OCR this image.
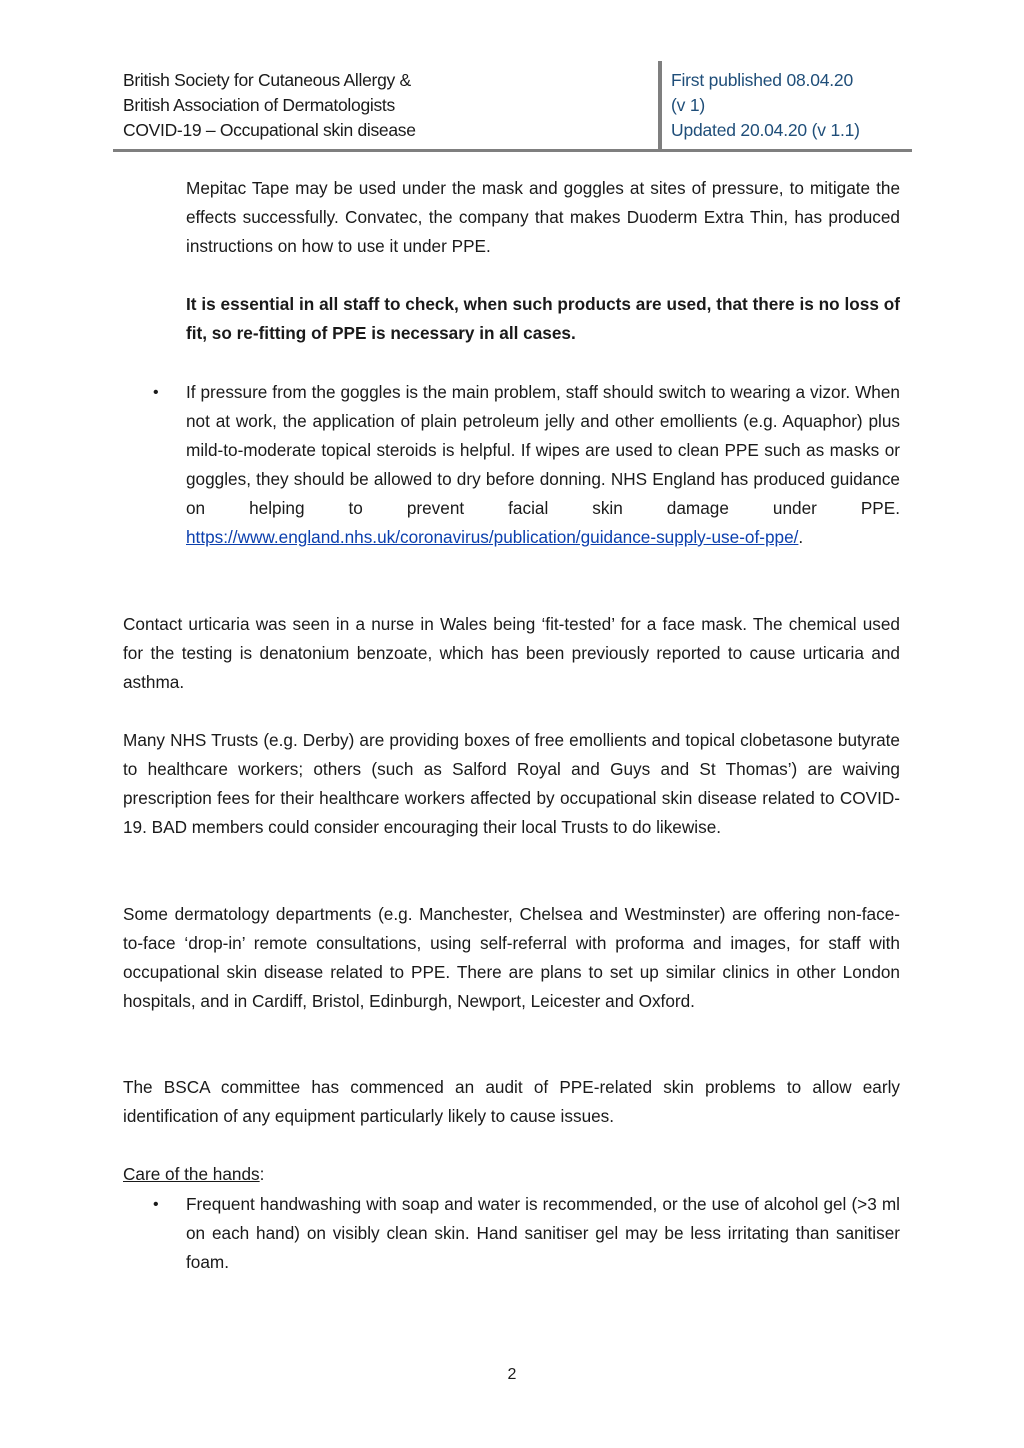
British Society for Cutaneous Allergy &
British Association of Dermatologists
COVID-19 – Occupational skin disease
First published 08.04.20
(v 1)
Updated 20.04.20 (v 1.1)

Mepitac Tape may be used under the mask and goggles at sites of pressure, to mitigate the effects successfully. Convatec, the company that makes Duoderm Extra Thin, has produced instructions on how to use it under PPE.

It is essential in all staff to check, when such products are used, that there is no loss of fit, so re-fitting of PPE is necessary in all cases.

• If pressure from the goggles is the main problem, staff should switch to wearing a vizor. When not at work, the application of plain petroleum jelly and other emollients (e.g. Aquaphor) plus mild-to-moderate topical steroids is helpful. If wipes are used to clean PPE such as masks or goggles, they should be allowed to dry before donning. NHS England has produced guidance on helping to prevent facial skin damage under PPE. https://www.england.nhs.uk/coronavirus/publication/guidance-supply-use-of-ppe/.

Contact urticaria was seen in a nurse in Wales being ‘fit-tested’ for a face mask. The chemical used for the testing is denatonium benzoate, which has been previously reported to cause urticaria and asthma.

Many NHS Trusts (e.g. Derby) are providing boxes of free emollients and topical clobetasone butyrate to healthcare workers; others (such as Salford Royal and Guys and St Thomas’) are waiving prescription fees for their healthcare workers affected by occupational skin disease related to COVID-19. BAD members could consider encouraging their local Trusts to do likewise.

Some dermatology departments (e.g. Manchester, Chelsea and Westminster) are offering non-face-to-face ‘drop-in’ remote consultations, using self-referral with proforma and images, for staff with occupational skin disease related to PPE. There are plans to set up similar clinics in other London hospitals, and in Cardiff, Bristol, Edinburgh, Newport, Leicester and Oxford.

The BSCA committee has commenced an audit of PPE-related skin problems to allow early identification of any equipment particularly likely to cause issues.

Care of the hands:

• Frequent handwashing with soap and water is recommended, or the use of alcohol gel (>3 ml on each hand) on visibly clean skin. Hand sanitiser gel may be less irritating than sanitiser foam.

2
